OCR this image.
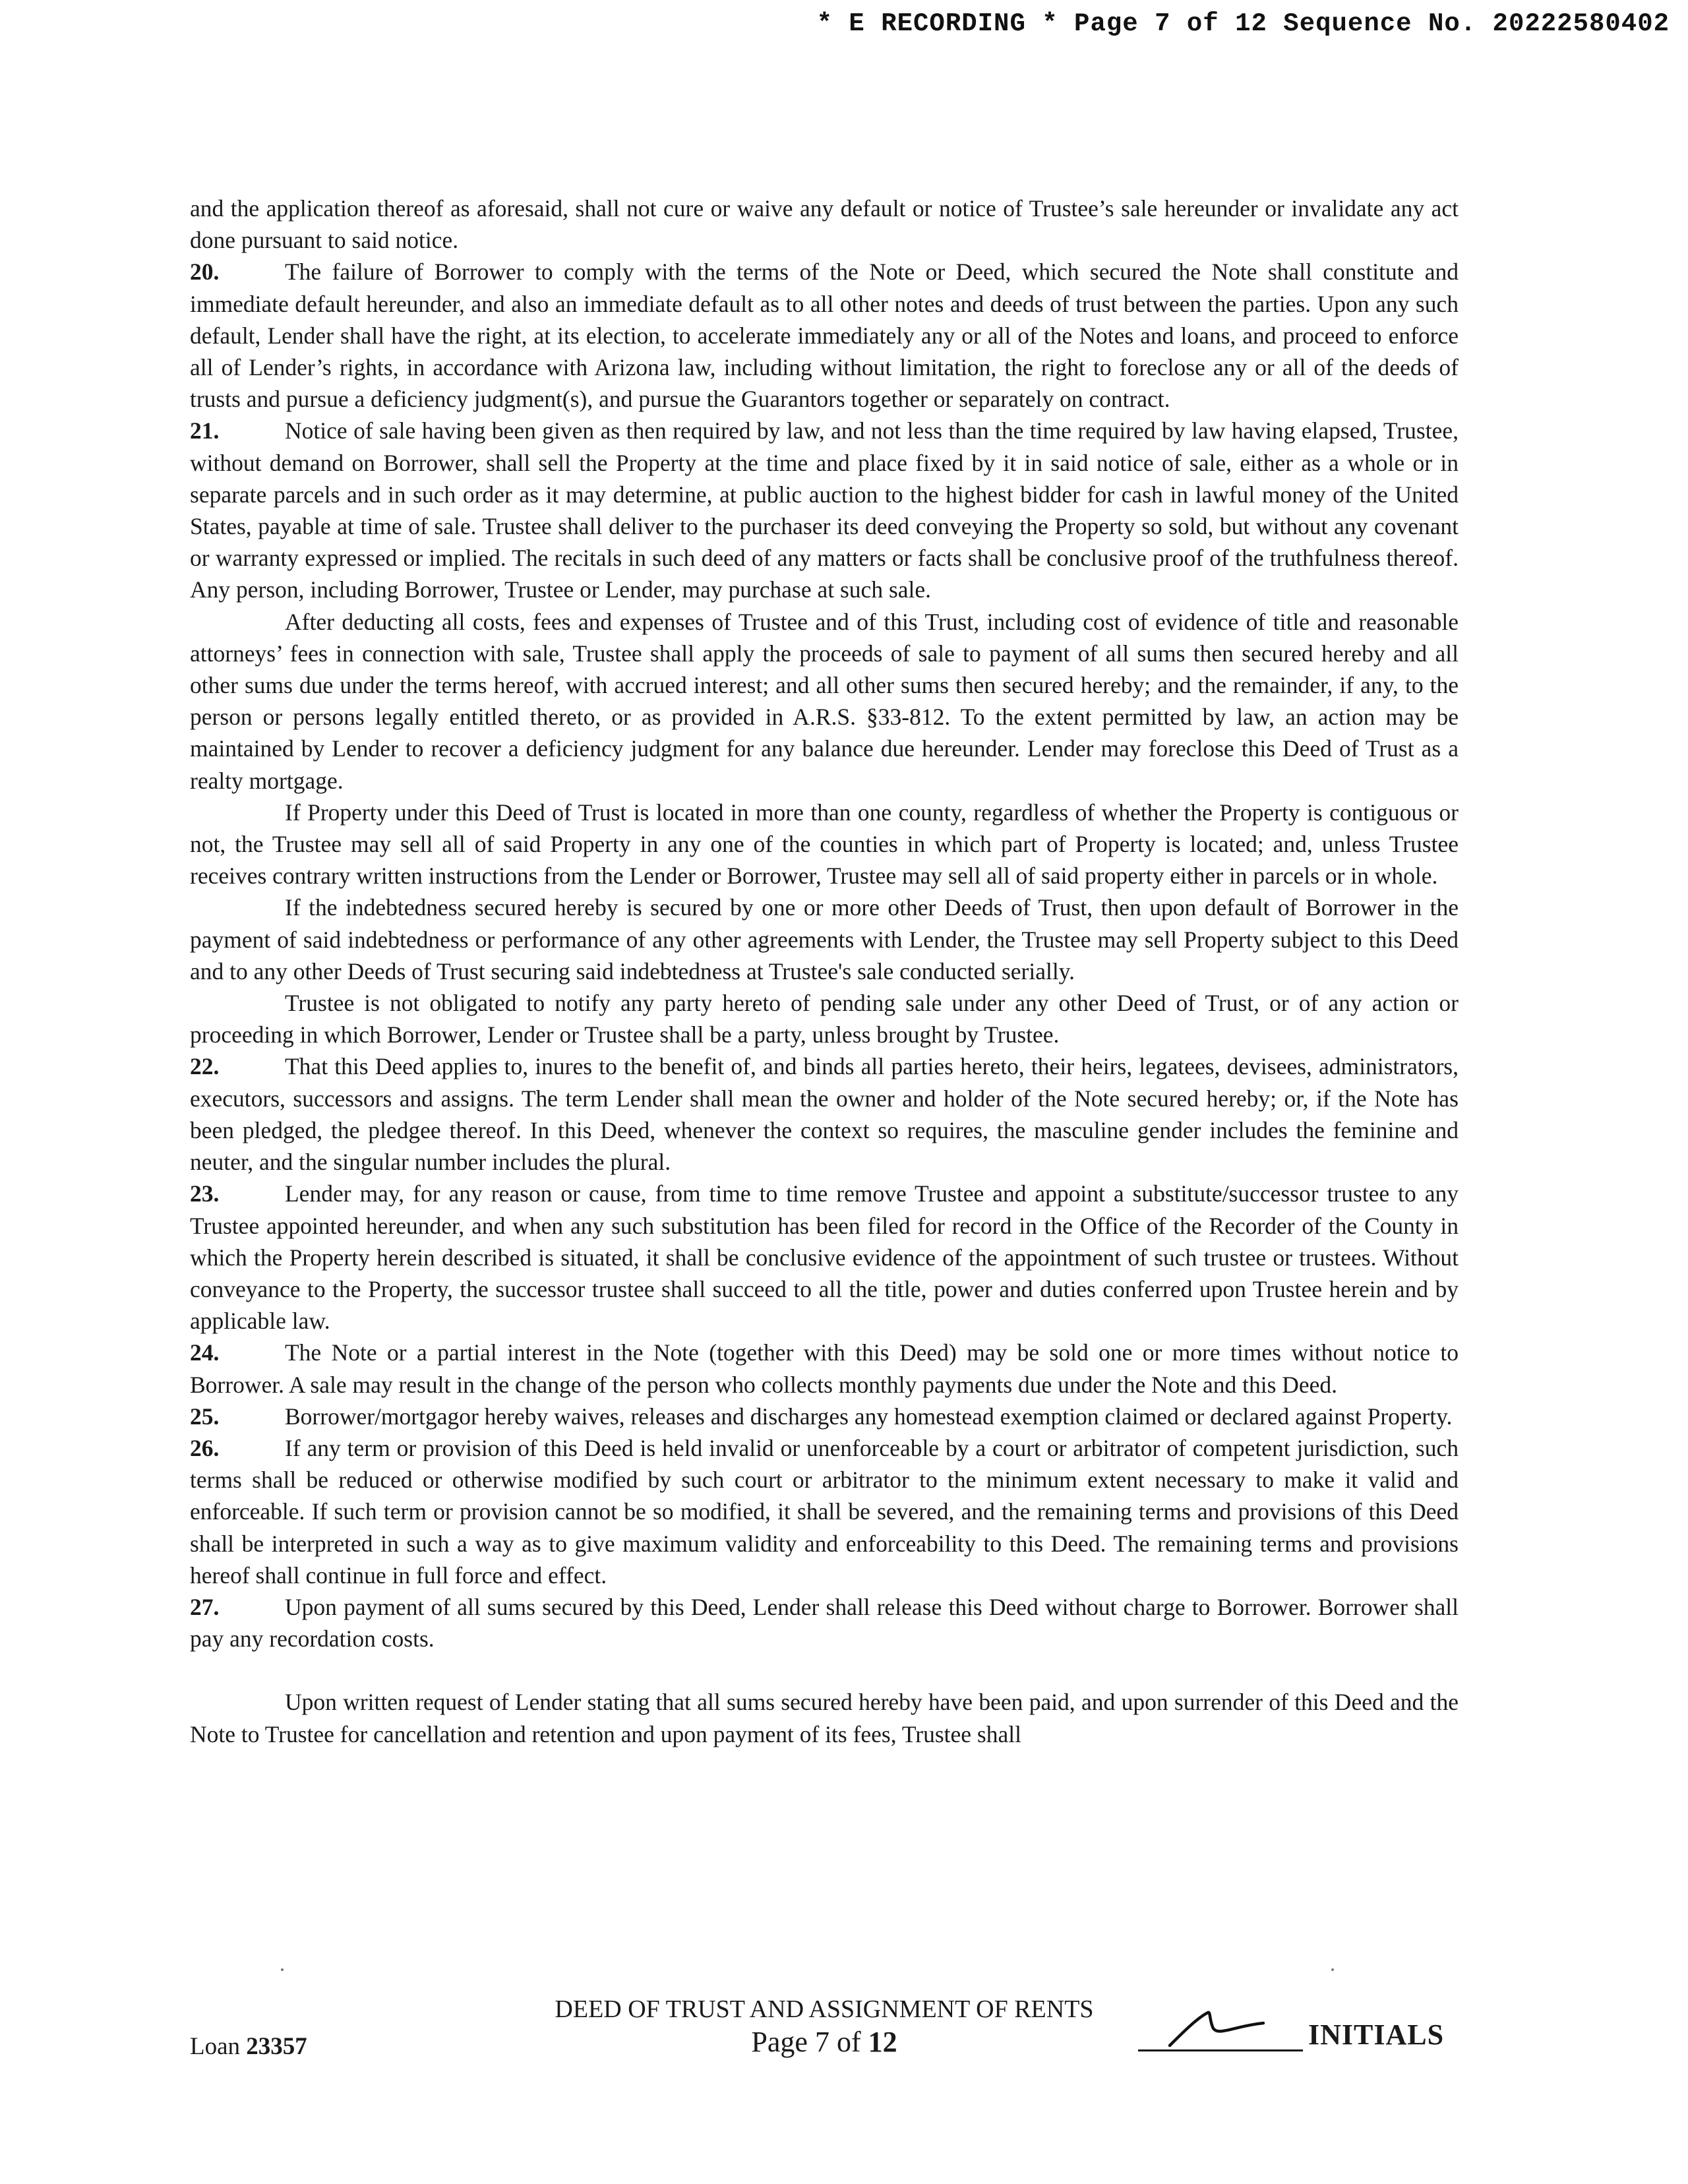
* E RECORDING * Page 7 of 12 Sequence No. 20222580402

and the application thereof as aforesaid, shall not cure or waive any default or notice of Trustee’s sale hereunder or invalidate any act done pursuant to said notice.

20.	The failure of Borrower to comply with the terms of the Note or Deed, which secured the Note shall constitute and immediate default hereunder, and also an immediate default as to all other notes and deeds of trust between the parties. Upon any such default, Lender shall have the right, at its election, to accelerate immediately any or all of the Notes and loans, and proceed to enforce all of Lender’s rights, in accordance with Arizona law, including without limitation, the right to foreclose any or all of the deeds of trusts and pursue a deficiency judgment(s), and pursue the Guarantors together or separately on contract.

21.	Notice of sale having been given as then required by law, and not less than the time required by law having elapsed, Trustee, without demand on Borrower, shall sell the Property at the time and place fixed by it in said notice of sale, either as a whole or in separate parcels and in such order as it may determine, at public auction to the highest bidder for cash in lawful money of the United States, payable at time of sale. Trustee shall deliver to the purchaser its deed conveying the Property so sold, but without any covenant or warranty expressed or implied. The recitals in such deed of any matters or facts shall be conclusive proof of the truthfulness thereof. Any person, including Borrower, Trustee or Lender, may purchase at such sale.

After deducting all costs, fees and expenses of Trustee and of this Trust, including cost of evidence of title and reasonable attorneys’ fees in connection with sale, Trustee shall apply the proceeds of sale to payment of all sums then secured hereby and all other sums due under the terms hereof, with accrued interest; and all other sums then secured hereby; and the remainder, if any, to the person or persons legally entitled thereto, or as provided in A.R.S. §33-812. To the extent permitted by law, an action may be maintained by Lender to recover a deficiency judgment for any balance due hereunder. Lender may foreclose this Deed of Trust as a realty mortgage.

If Property under this Deed of Trust is located in more than one county, regardless of whether the Property is contiguous or not, the Trustee may sell all of said Property in any one of the counties in which part of Property is located; and, unless Trustee receives contrary written instructions from the Lender or Borrower, Trustee may sell all of said property either in parcels or in whole.

If the indebtedness secured hereby is secured by one or more other Deeds of Trust, then upon default of Borrower in the payment of said indebtedness or performance of any other agreements with Lender, the Trustee may sell Property subject to this Deed and to any other Deeds of Trust securing said indebtedness at Trustee's sale conducted serially.

Trustee is not obligated to notify any party hereto of pending sale under any other Deed of Trust, or of any action or proceeding in which Borrower, Lender or Trustee shall be a party, unless brought by Trustee.

22.	That this Deed applies to, inures to the benefit of, and binds all parties hereto, their heirs, legatees, devisees, administrators, executors, successors and assigns. The term Lender shall mean the owner and holder of the Note secured hereby; or, if the Note has been pledged, the pledgee thereof. In this Deed, whenever the context so requires, the masculine gender includes the feminine and neuter, and the singular number includes the plural.

23.	Lender may, for any reason or cause, from time to time remove Trustee and appoint a substitute/successor trustee to any Trustee appointed hereunder, and when any such substitution has been filed for record in the Office of the Recorder of the County in which the Property herein described is situated, it shall be conclusive evidence of the appointment of such trustee or trustees. Without conveyance to the Property, the successor trustee shall succeed to all the title, power and duties conferred upon Trustee herein and by applicable law.

24.	The Note or a partial interest in the Note (together with this Deed) may be sold one or more times without notice to Borrower. A sale may result in the change of the person who collects monthly payments due under the Note and this Deed.

25.	Borrower/mortgagor hereby waives, releases and discharges any homestead exemption claimed or declared against Property.

26.	If any term or provision of this Deed is held invalid or unenforceable by a court or arbitrator of competent jurisdiction, such terms shall be reduced or otherwise modified by such court or arbitrator to the minimum extent necessary to make it valid and enforceable. If such term or provision cannot be so modified, it shall be severed, and the remaining terms and provisions of this Deed shall be interpreted in such a way as to give maximum validity and enforceability to this Deed. The remaining terms and provisions hereof shall continue in full force and effect.

27.	Upon payment of all sums secured by this Deed, Lender shall release this Deed without charge to Borrower. Borrower shall pay any recordation costs.

Upon written request of Lender stating that all sums secured hereby have been paid, and upon surrender of this Deed and the Note to Trustee for cancellation and retention and upon payment of its fees, Trustee shall

DEED OF TRUST AND ASSIGNMENT OF RENTS
Page 7 of 12
Loan 23357	INITIALS
